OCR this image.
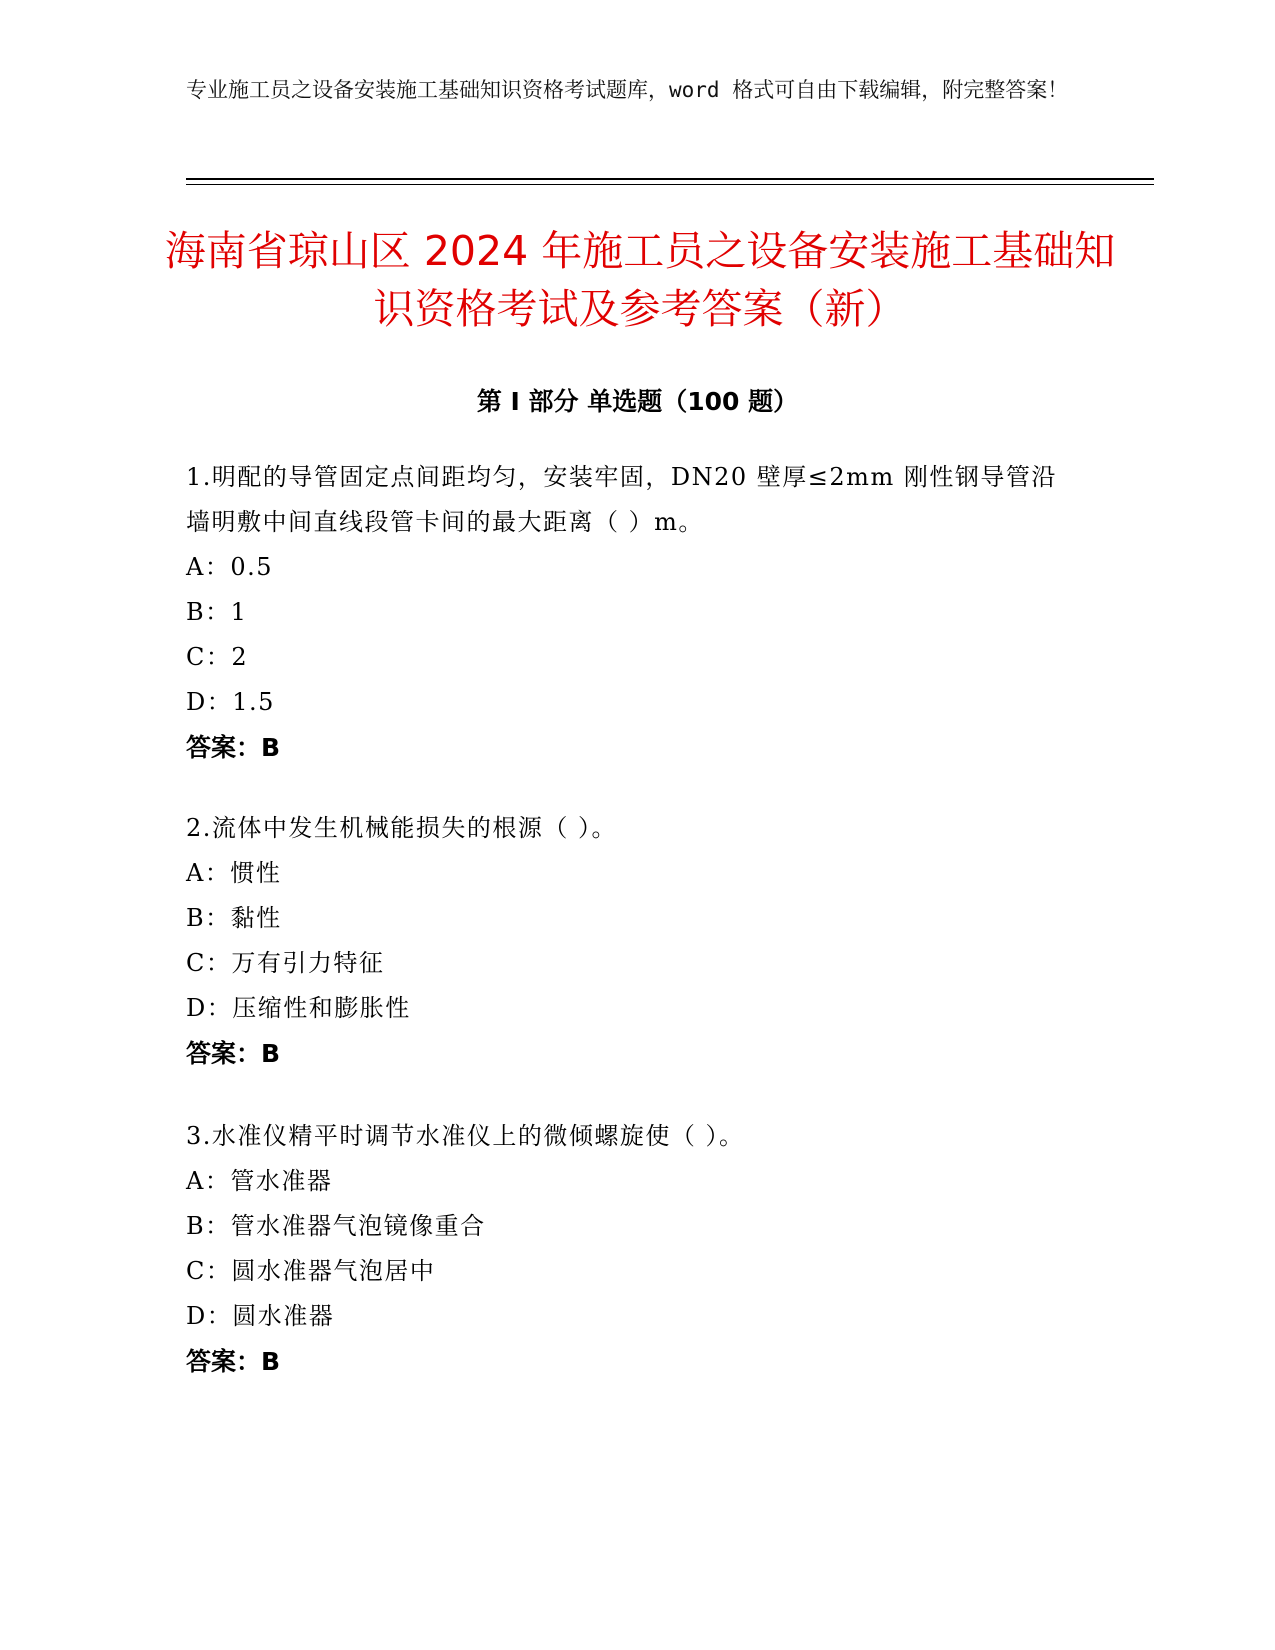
专业施工员之设备安装施工基础知识资格考试题库，word 格式可自由下载编辑，附完整答案！
海南省琼山区 2024 年施工员之设备安装施工基础知识资格考试及参考答案（新）
第 I 部分 单选题（100 题）
1.明配的导管固定点间距均匀，安装牢固，DN20 壁厚≤2mm 刚性钢导管沿墙明敷中间直线段管卡间的最大距离（ ）m。
A：0.5
B：1
C：2
D：1.5
答案：B
2.流体中发生机械能损失的根源（ ）。
A：惯性
B：黏性
C：万有引力特征
D：压缩性和膨胀性
答案：B
3.水准仪精平时调节水准仪上的微倾螺旋使（ ）。
A：管水准器
B：管水准器气泡镜像重合
C：圆水准器气泡居中
D：圆水准器
答案：B
